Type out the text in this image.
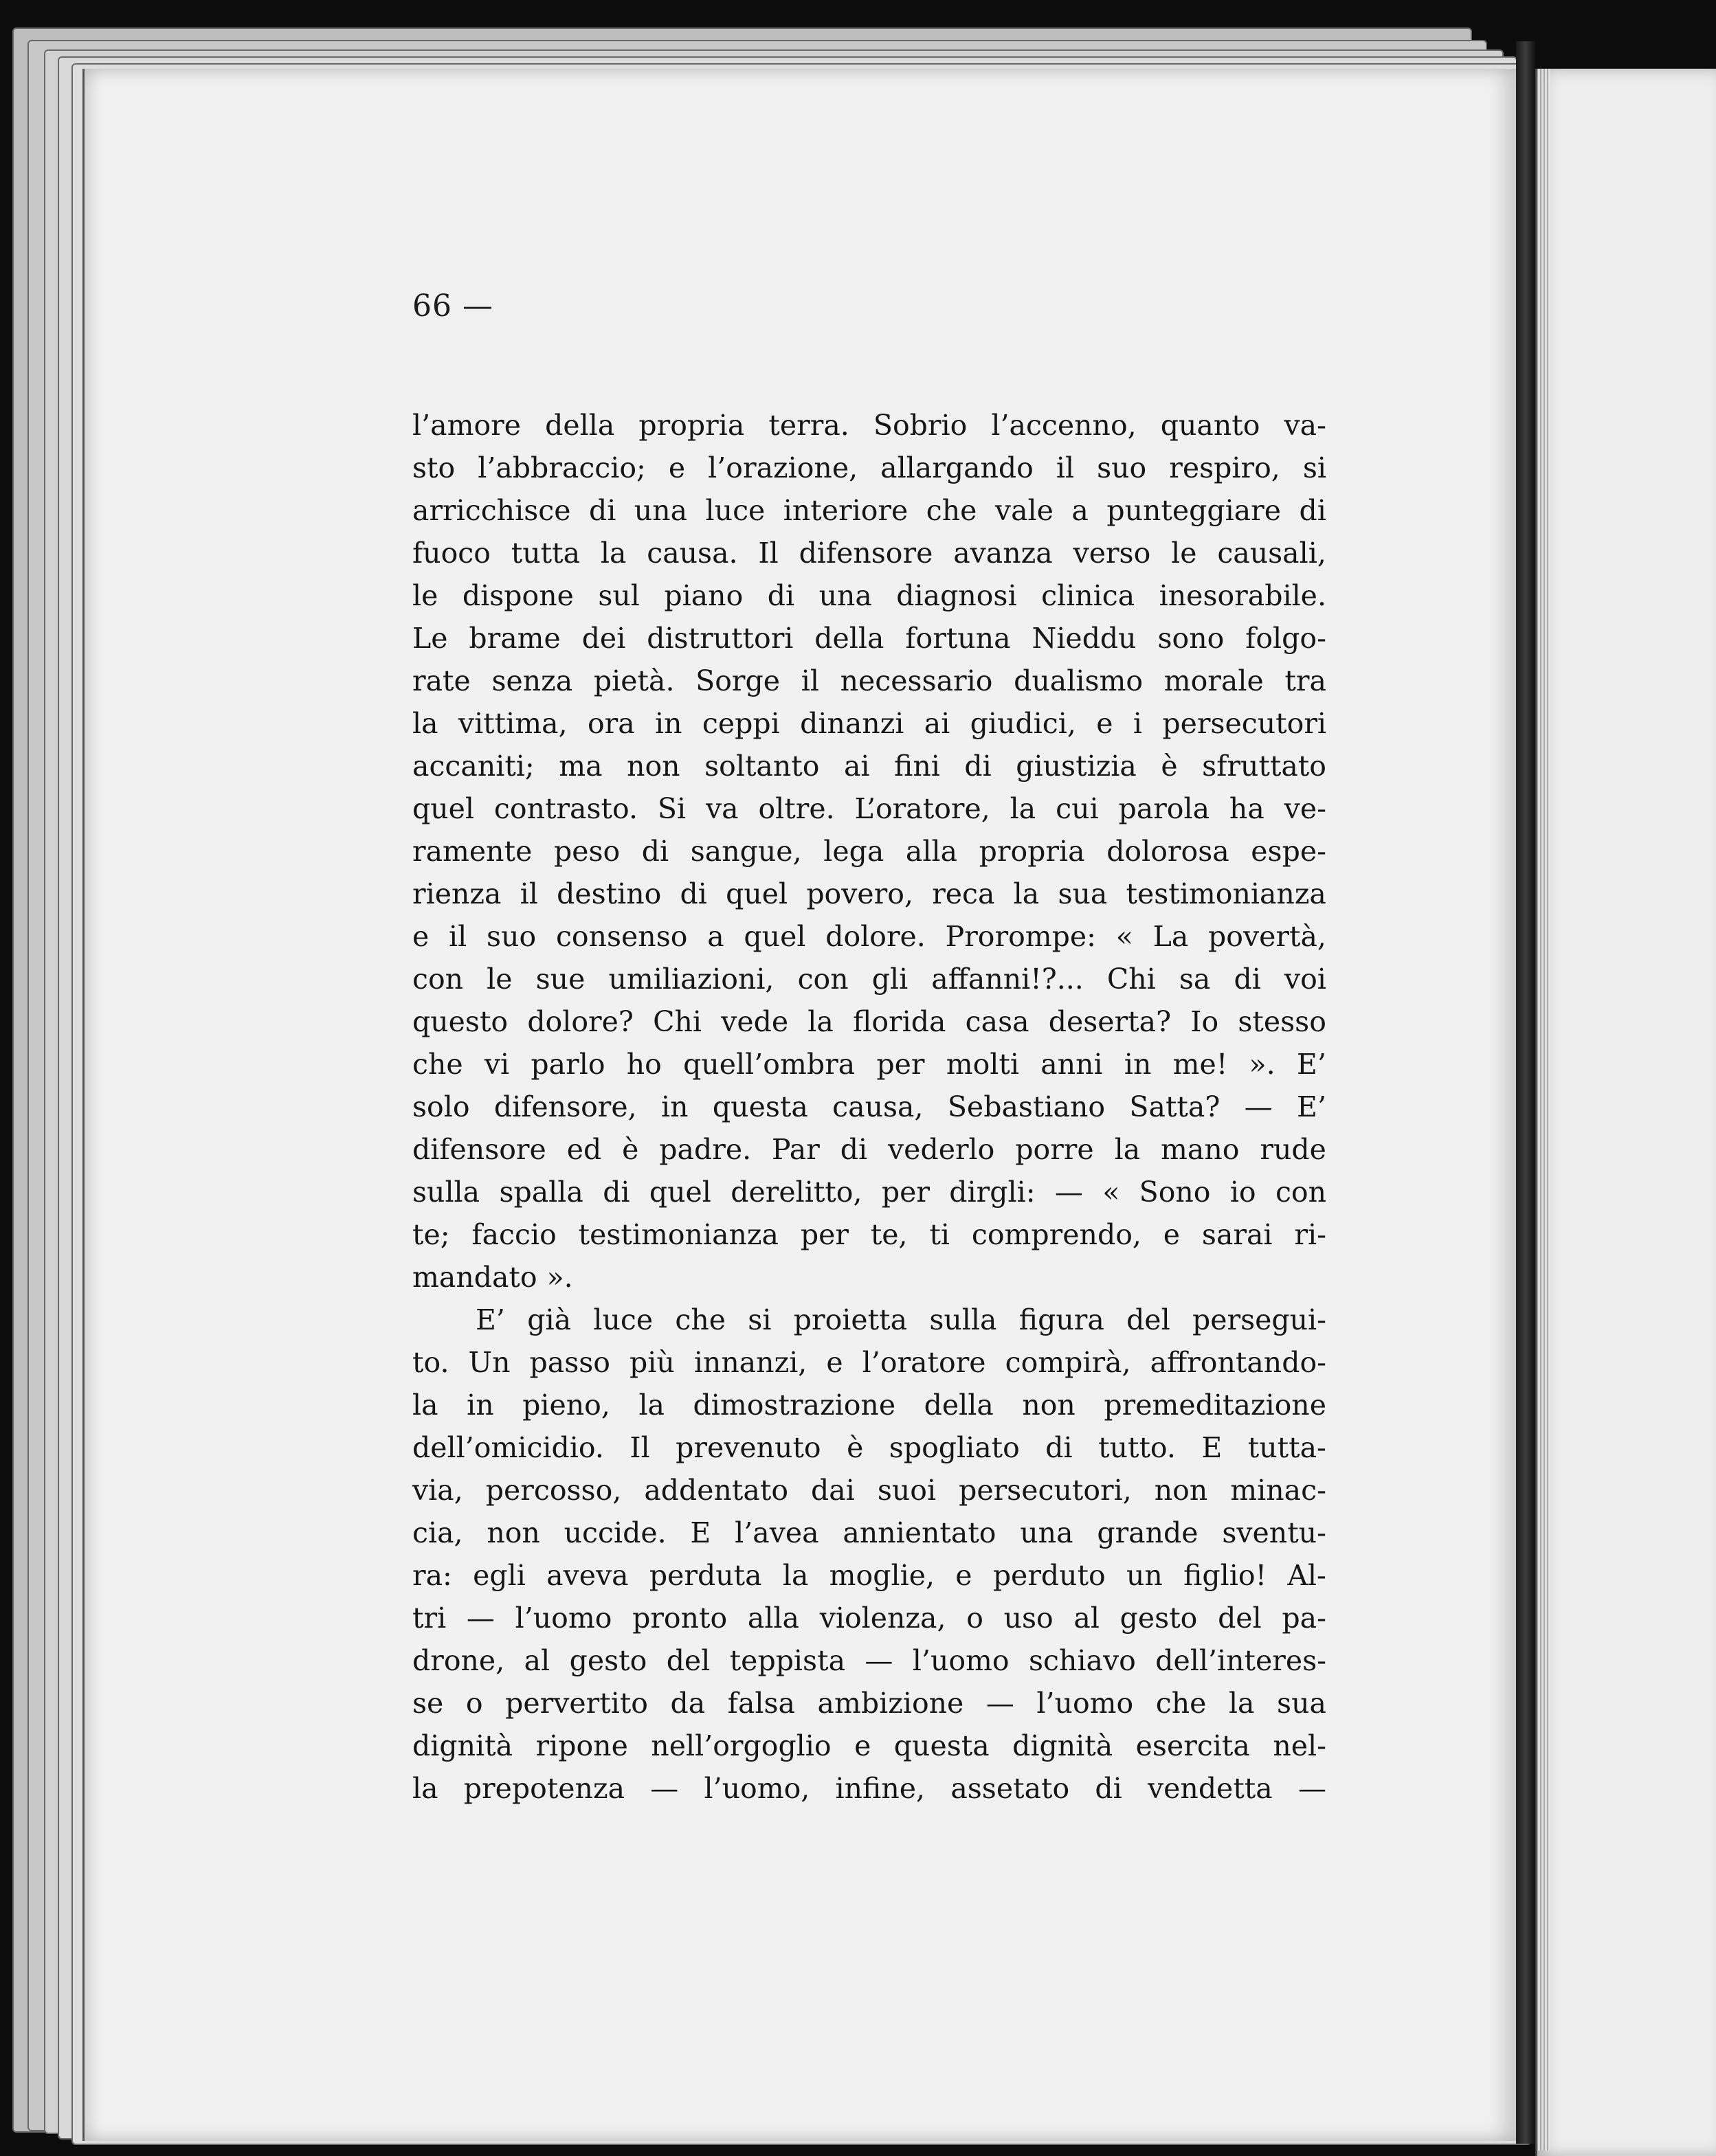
66 —
l’amore della propria terra. Sobrio l’accenno, quanto va-
sto l’abbraccio; e l’orazione, allargando il suo respiro, si
arricchisce di una luce interiore che vale a punteggiare di
fuoco tutta la causa. Il difensore avanza verso le causali,
le dispone sul piano di una diagnosi clinica inesorabile.
Le brame dei distruttori della fortuna Nieddu sono folgo-
rate senza pietà. Sorge il necessario dualismo morale tra
la vittima, ora in ceppi dinanzi ai giudici, e i persecutori
accaniti; ma non soltanto ai fini di giustizia è sfruttato
quel contrasto. Si va oltre. L’oratore, la cui parola ha ve-
ramente peso di sangue, lega alla propria dolorosa espe-
rienza il destino di quel povero, reca la sua testimonianza
e il suo consenso a quel dolore. Prorompe: « La povertà,
con le sue umiliazioni, con gli affanni!?... Chi sa di voi
questo dolore? Chi vede la florida casa deserta? Io stesso
che vi parlo ho quell’ombra per molti anni in me! ». E’
solo difensore, in questa causa, Sebastiano Satta? — E’
difensore ed è padre. Par di vederlo porre la mano rude
sulla spalla di quel derelitto, per dirgli: — « Sono io con
te; faccio testimonianza per te, ti comprendo, e sarai ri-
mandato ».
E’ già luce che si proietta sulla figura del persegui-
to. Un passo più innanzi, e l’oratore compirà, affrontando-
la in pieno, la dimostrazione della non premeditazione
dell’omicidio. Il prevenuto è spogliato di tutto. E tutta-
via, percosso, addentato dai suoi persecutori, non minac-
cia, non uccide. E l’avea annientato una grande sventu-
ra: egli aveva perduta la moglie, e perduto un figlio! Al-
tri — l’uomo pronto alla violenza, o uso al gesto del pa-
drone, al gesto del teppista — l’uomo schiavo dell’interes-
se o pervertito da falsa ambizione — l’uomo che la sua
dignità ripone nell’orgoglio e questa dignità esercita nel-
la prepotenza — l’uomo, infine, assetato di vendetta —
